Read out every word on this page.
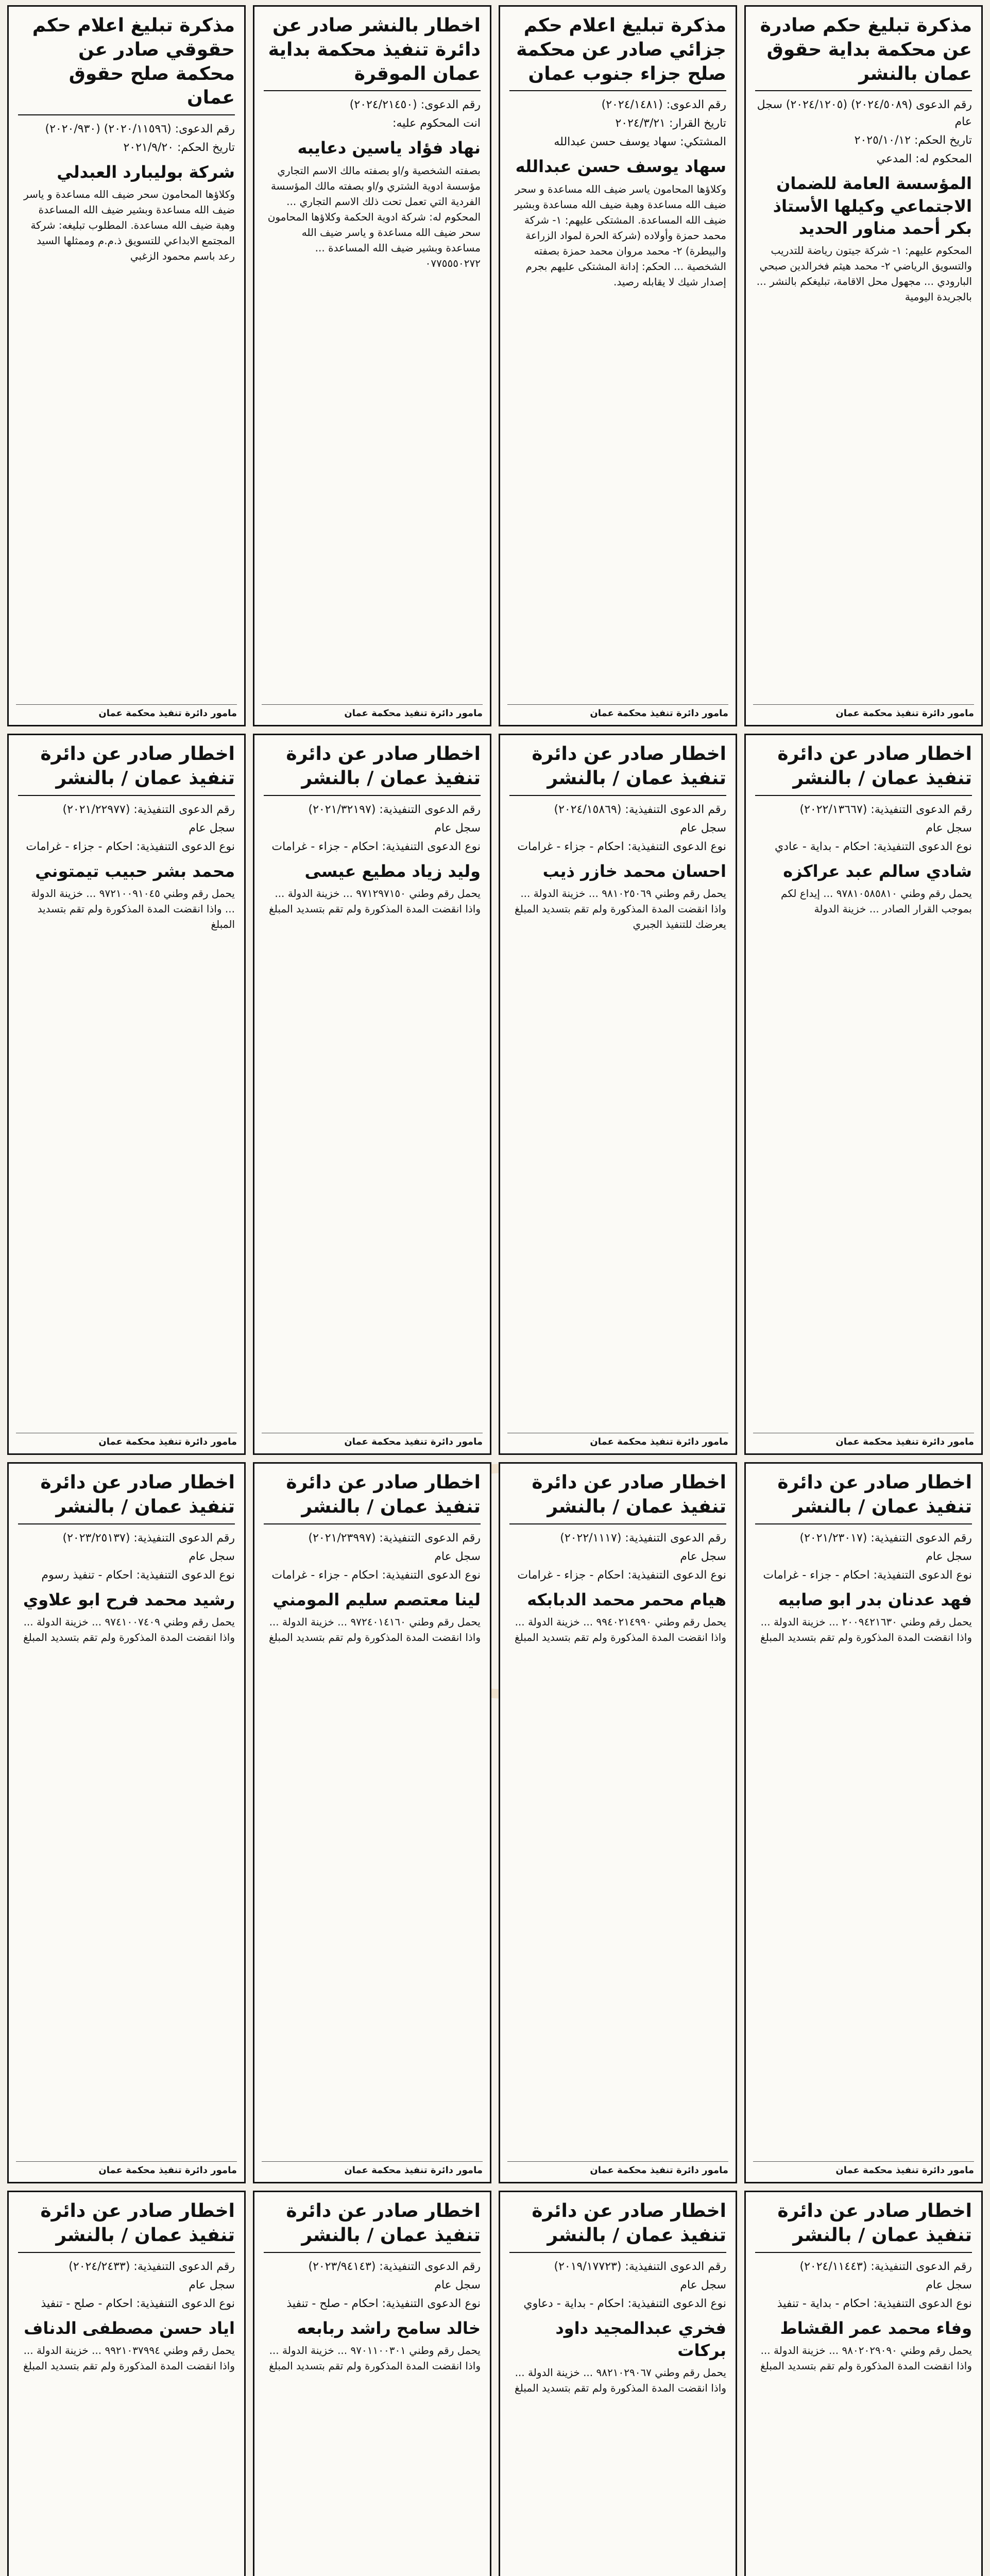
مذكرة تبليغ حكم صادرة عن محكمة بداية حقوق عمان بالنشر
رقم الدعوى (٢٠٢٤/٥٠٨٩) (٢٠٢٤/١٢٠٥) سجل عام
تاريخ الحكم: ٢٠٢٥/١٠/١٢
المحكوم له: المدعي
المؤسسة العامة للضمان الاجتماعي وكيلها الأستاذ بكر أحمد مناور الحديد
المحكوم عليهم: ١- شركة جيتون رياضة للتدريب والتسويق الرياضي ٢- محمد هيثم فخرالدين صبحي البارودي ... مجهول محل الاقامة، تبليغكم بالنشر ... بالجريدة اليومية
مامور دائرة تنفيذ محكمة عمان
مذكرة تبليغ اعلام حكم جزائي صادر عن محكمة صلح جزاء جنوب عمان
رقم الدعوى: (٢٠٢٤/١٤٨١)
تاريخ القرار: ٢٠٢٤/٣/٢١
المشتكي: سهاد يوسف حسن عبدالله
سهاد يوسف حسن عبدالله
وكلاؤها المحامون ياسر ضيف الله مساعدة و سحر ضيف الله مساعدة وهبة ضيف الله مساعدة وبشير ضيف الله المساعدة. المشتكى عليهم: ١- شركة محمد حمزة وأولاده (شركة الحرة لمواد الزراعة والبيطرة) ٢- محمد مروان محمد حمزة بصفته الشخصية ... الحكم: إدانة المشتكى عليهم بجرم إصدار شيك لا يقابله رصيد.
مامور دائرة تنفيذ محكمة عمان
اخطار بالنشر صادر عن دائرة تنفيذ محكمة بداية عمان الموقرة
رقم الدعوى: (٢٠٢٤/٢١٤٥٠)
انت المحكوم عليه:
نهاد فؤاد ياسين دعايبه
بصفته الشخصية و/او بصفته مالك الاسم التجاري مؤسسة ادوية الشتري و/او بصفته مالك المؤسسة الفردية التي تعمل تحت ذلك الاسم التجاري ... المحكوم له: شركة ادوية الحكمة وكلاؤها المحامون سحر ضيف الله مساعدة و ياسر ضيف الله مساعدة وبشير ضيف الله المساعدة ... ٠٧٧٥٥٥٠٢٧٢
مامور دائرة تنفيذ محكمة عمان
مذكرة تبليغ اعلام حكم حقوقي صادر عن محكمة صلح حقوق عمان
رقم الدعوى: (٢٠٢٠/١١٥٩٦) (٢٠٢٠/٩٣٠)
تاريخ الحكم: ٢٠٢١/٩/٢٠
شركة بوليبارد العبدلي
وكلاؤها المحامون سحر ضيف الله مساعدة و ياسر ضيف الله مساعدة وبشير ضيف الله المساعدة وهبة ضيف الله مساعدة. المطلوب تبليغه: شركة المجتمع الابداعي للتسويق ذ.م.م وممثلها السيد رعد باسم محمود الزغبي
مامور دائرة تنفيذ محكمة عمان
اخطار صادر عن دائرة تنفيذ عمان / بالنشر
رقم الدعوى التنفيذية: (٢٠٢٢/١٣٦٦٧)
سجل عام
نوع الدعوى التنفيذية: احكام - بداية - عادي
شادي سالم عبد عراكزه
يحمل رقم وطني ٩٧٨١٠٥٨٥٨١٠ ... إيداع لكم بموجب القرار الصادر ... خزينة الدولة
مامور دائرة تنفيذ محكمة عمان
اخطار صادر عن دائرة تنفيذ عمان / بالنشر
رقم الدعوى التنفيذية: (٢٠٢٤/١٥٨٦٩)
سجل عام
نوع الدعوى التنفيذية: احكام - جزاء - غرامات
احسان محمد خازر ذيب
يحمل رقم وطني ٩٨١٠٢٥٠٦٩ ... خزينة الدولة ... واذا انقضت المدة المذكورة ولم تقم بتسديد المبلغ يعرضك للتنفيذ الجبري
مامور دائرة تنفيذ محكمة عمان
اخطار صادر عن دائرة تنفيذ عمان / بالنشر
رقم الدعوى التنفيذية: (٢٠٢١/٣٢١٩٧)
سجل عام
نوع الدعوى التنفيذية: احكام - جزاء - غرامات
وليد زياد مطيع عيسى
يحمل رقم وطني ٩٧١٢٩٧١٥٠ ... خزينة الدولة ... واذا انقضت المدة المذكورة ولم تقم بتسديد المبلغ
مامور دائرة تنفيذ محكمة عمان
اخطار صادر عن دائرة تنفيذ عمان / بالنشر
رقم الدعوى التنفيذية: (٢٠٢١/٢٢٩٧٧)
سجل عام
نوع الدعوى التنفيذية: احكام - جزاء - غرامات
محمد بشر حبيب تيمتوني
يحمل رقم وطني ٩٧٢١٠٠٩١٠٤٥ ... خزينة الدولة ... واذا انقضت المدة المذكورة ولم تقم بتسديد المبلغ
مامور دائرة تنفيذ محكمة عمان
اخطار صادر عن دائرة تنفيذ عمان / بالنشر
رقم الدعوى التنفيذية: (٢٠٢١/٢٣٠١٧)
سجل عام
نوع الدعوى التنفيذية: احكام - جزاء - غرامات
فهد عدنان بدر ابو صابيه
يحمل رقم وطني ٢٠٠٩٤٢١٦٣٠ ... خزينة الدولة ... واذا انقضت المدة المذكورة ولم تقم بتسديد المبلغ
مامور دائرة تنفيذ محكمة عمان
اخطار صادر عن دائرة تنفيذ عمان / بالنشر
رقم الدعوى التنفيذية: (٢٠٢٢/١١١٧)
سجل عام
نوع الدعوى التنفيذية: احكام - جزاء - غرامات
هيام محمر محمد الدبابكه
يحمل رقم وطني ٩٩٤٠٢١٤٩٩٠ ... خزينة الدولة ... واذا انقضت المدة المذكورة ولم تقم بتسديد المبلغ
مامور دائرة تنفيذ محكمة عمان
اخطار صادر عن دائرة تنفيذ عمان / بالنشر
رقم الدعوى التنفيذية: (٢٠٢١/٢٣٩٩٧)
سجل عام
نوع الدعوى التنفيذية: احكام - جزاء - غرامات
لينا معتصم سليم المومني
يحمل رقم وطني ٩٧٢٤٠١٤١٦٠ ... خزينة الدولة ... واذا انقضت المدة المذكورة ولم تقم بتسديد المبلغ
مامور دائرة تنفيذ محكمة عمان
اخطار صادر عن دائرة تنفيذ عمان / بالنشر
رقم الدعوى التنفيذية: (٢٠٢٣/٢٥١٣٧)
سجل عام
نوع الدعوى التنفيذية: احكام - تنفيذ رسوم
رشيد محمد فرح ابو علاوي
يحمل رقم وطني ٩٧٤١٠٠٧٤٠٩ ... خزينة الدولة ... واذا انقضت المدة المذكورة ولم تقم بتسديد المبلغ
مامور دائرة تنفيذ محكمة عمان
اخطار صادر عن دائرة تنفيذ عمان / بالنشر
رقم الدعوى التنفيذية: (٢٠٢٤/١١٤٤٣)
سجل عام
نوع الدعوى التنفيذية: احكام - بداية - تنفيذ
وفاء محمد عمر القشاط
يحمل رقم وطني ٩٨٠٢٠٢٩٠٩٠ ... خزينة الدولة ... واذا انقضت المدة المذكورة ولم تقم بتسديد المبلغ
اخطار صادر عن دائرة تنفيذ عمان / بالنشر
رقم الدعوى التنفيذية: (٢٠١٩/١٧٧٢٣)
سجل عام
نوع الدعوى التنفيذية: احكام - بداية - دعاوي
فخري عبدالمجيد داود بركات
يحمل رقم وطني ٩٨٢١٠٢٩٠٦٧ ... خزينة الدولة ... واذا انقضت المدة المذكورة ولم تقم بتسديد المبلغ
اخطار صادر عن دائرة تنفيذ عمان / بالنشر
رقم الدعوى التنفيذية: (٢٠٢٣/٩٤١٤٣)
سجل عام
نوع الدعوى التنفيذية: احكام - صلح - تنفيذ
خالد سامح راشد ربابعه
يحمل رقم وطني ٩٧٠١١٠٠٣٠١ ... خزينة الدولة ... واذا انقضت المدة المذكورة ولم تقم بتسديد المبلغ
اخطار صادر عن دائرة تنفيذ عمان / بالنشر
رقم الدعوى التنفيذية: (٢٠٢٤/٢٤٣٣)
سجل عام
نوع الدعوى التنفيذية: احكام - صلح - تنفيذ
اياد حسن مصطفى الدناف
يحمل رقم وطني ٩٩٢١٠٣٧٩٩٤ ... خزينة الدولة ... واذا انقضت المدة المذكورة ولم تقم بتسديد المبلغ
